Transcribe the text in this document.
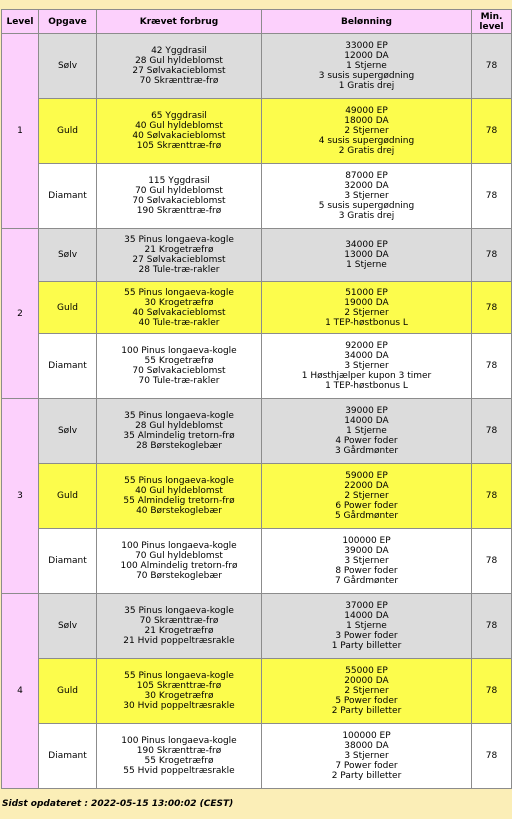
Level	Opgave	Krævet forbrug	Belønning	Min. level
1	Sølv	42 Yggdrasil
28 Gul hyldeblomst
27 Sølvakacieblomst
70 Skrænttræ-frø	33000 EP
12000 DA
1 Stjerne
3 susis supergødning
1 Gratis drej	78
	Guld	65 Yggdrasil
40 Gul hyldeblomst
40 Sølvakacieblomst
105 Skrænttræ-frø	49000 EP
18000 DA
2 Stjerner
4 susis supergødning
2 Gratis drej	78
	Diamant	115 Yggdrasil
70 Gul hyldeblomst
70 Sølvakacieblomst
190 Skrænttræ-frø	87000 EP
32000 DA
3 Stjerner
5 susis supergødning
3 Gratis drej	78
2	Sølv	35 Pinus longaeva-kogle
21 Krogetræfrø
27 Sølvakacieblomst
28 Tule-træ-rakler	34000 EP
13000 DA
1 Stjerne	78
	Guld	55 Pinus longaeva-kogle
30 Krogetræfrø
40 Sølvakacieblomst
40 Tule-træ-rakler	51000 EP
19000 DA
2 Stjerner
1 TEP-høstbonus L	78
	Diamant	100 Pinus longaeva-kogle
55 Krogetræfrø
70 Sølvakacieblomst
70 Tule-træ-rakler	92000 EP
34000 DA
3 Stjerner
1 Høsthjælper kupon 3 timer
1 TEP-høstbonus L	78
3	Sølv	35 Pinus longaeva-kogle
28 Gul hyldeblomst
35 Almindelig tretorn-frø
28 Børstekoglebær	39000 EP
14000 DA
1 Stjerne
4 Power foder
3 Gårdmønter	78
	Guld	55 Pinus longaeva-kogle
40 Gul hyldeblomst
55 Almindelig tretorn-frø
40 Børstekoglebær	59000 EP
22000 DA
2 Stjerner
6 Power foder
5 Gårdmønter	78
	Diamant	100 Pinus longaeva-kogle
70 Gul hyldeblomst
100 Almindelig tretorn-frø
70 Børstekoglebær	100000 EP
39000 DA
3 Stjerner
8 Power foder
7 Gårdmønter	78
4	Sølv	35 Pinus longaeva-kogle
70 Skrænttræ-frø
21 Krogetræfrø
21 Hvid poppeltræsrakle	37000 EP
14000 DA
1 Stjerne
3 Power foder
1 Party billetter	78
	Guld	55 Pinus longaeva-kogle
105 Skrænttræ-frø
30 Krogetræfrø
30 Hvid poppeltræsrakle	55000 EP
20000 DA
2 Stjerner
5 Power foder
2 Party billetter	78
	Diamant	100 Pinus longaeva-kogle
190 Skrænttræ-frø
55 Krogetræfrø
55 Hvid poppeltræsrakle	100000 EP
38000 DA
3 Stjerner
7 Power foder
2 Party billetter	78
Sidst opdateret : 2022-05-15 13:00:02 (CEST)
